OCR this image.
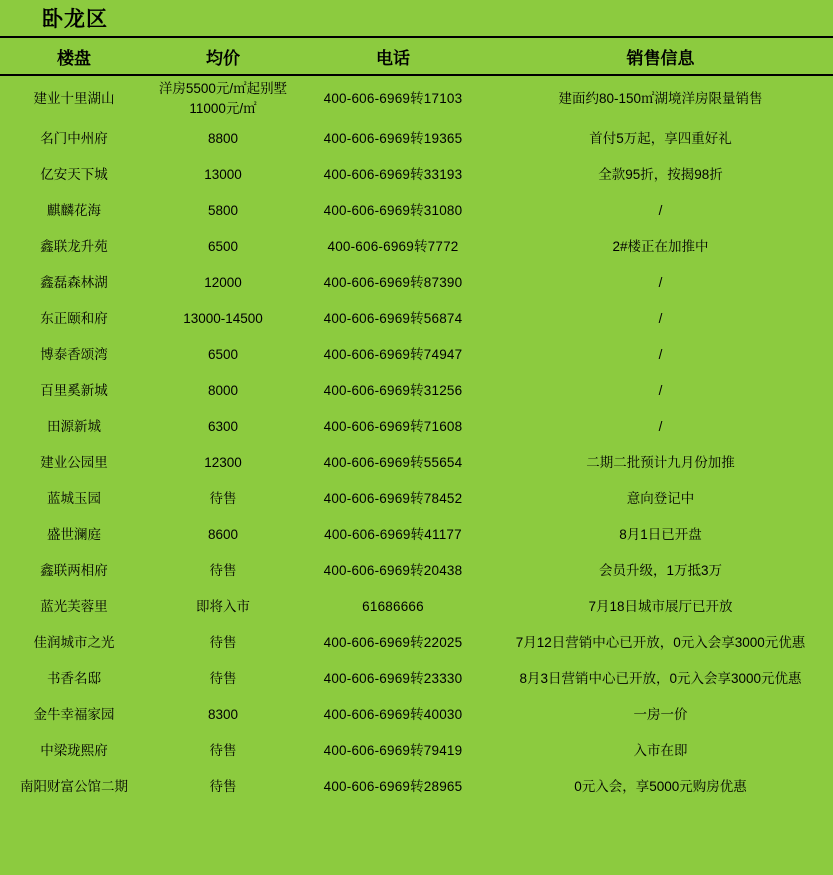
卧龙区
楼盘	均价	电话	销售信息
建业十里湖山	洋房5500元/㎡起别墅11000元/㎡	400-606-6969转17103	建面约80-150㎡湖境洋房限量销售
名门中州府	8800	400-606-6969转19365	首付5万起，享四重好礼
亿安天下城	13000	400-606-6969转33193	全款95折，按揭98折
麒麟花海	5800	400-606-6969转31080	/
鑫联龙升苑	6500	400-606-6969转7772	2#楼正在加推中
鑫磊森林湖	12000	400-606-6969转87390	/
东正颐和府	13000-14500	400-606-6969转56874	/
博泰香颂湾	6500	400-606-6969转74947	/
百里奚新城	8000	400-606-6969转31256	/
田源新城	6300	400-606-6969转71608	/
建业公园里	12300	400-606-6969转55654	二期二批预计九月份加推
蓝城玉园	待售	400-606-6969转78452	意向登记中
盛世澜庭	8600	400-606-6969转41177	8月1日已开盘
鑫联两相府	待售	400-606-6969转20438	会员升级，1万抵3万
蓝光芙蓉里	即将入市	61686666	7月18日城市展厅已开放
佳润城市之光	待售	400-606-6969转22025	7月12日营销中心已开放，0元入会享3000元优惠
书香名邸	待售	400-606-6969转23330	8月3日营销中心已开放，0元入会享3000元优惠
金牛幸福家园	8300	400-606-6969转40030	一房一价
中梁珑熙府	待售	400-606-6969转79419	入市在即
南阳财富公馆二期	待售	400-606-6969转28965	0元入会，享5000元购房优惠
